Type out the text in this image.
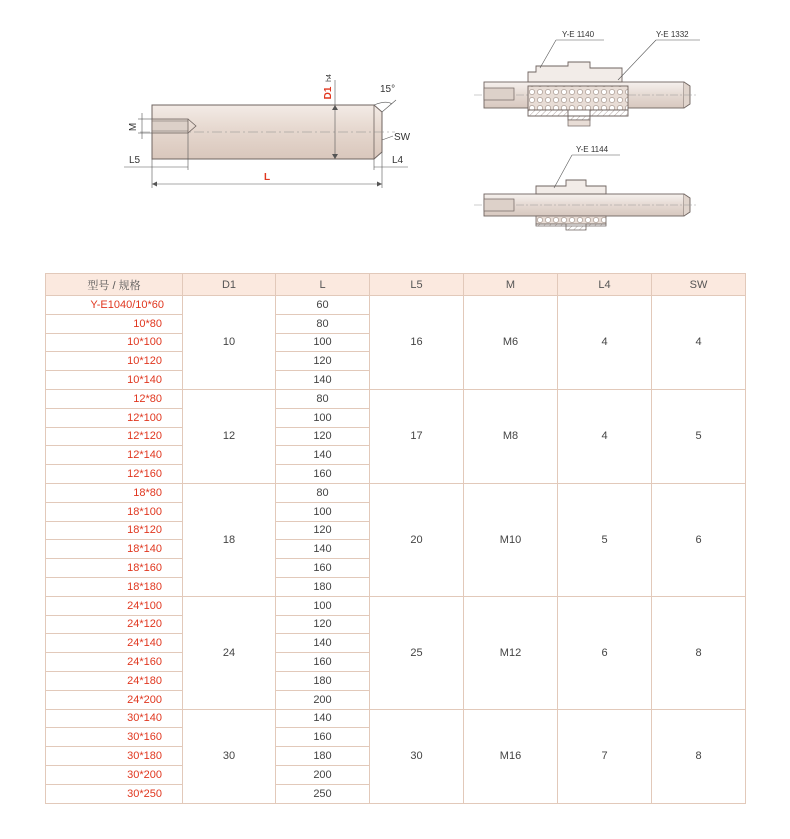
M
D1
h4
15°
SW
L5	L4
L
Y-E 1140	Y-E 1332
Y-E 1144
型号 / 规格	D1	L	L5	M	L4	SW
Y-E1040/10*60	10	60	16	M6	4	4
10*80		80				
10*100		100				
10*120		120				
10*140		140				
12*80	12	80	17	M8	4	5
12*100		100				
12*120		120				
12*140		140				
12*160		160				
18*80	18	80	20	M10	5	6
18*100		100				
18*120		120				
18*140		140				
18*160		160				
18*180		180				
24*100	24	100	25	M12	6	8
24*120		120				
24*140		140				
24*160		160				
24*180		180				
24*200		200				
30*140	30	140	30	M16	7	8
30*160		160				
30*180		180				
30*200		200				
30*250		250				
